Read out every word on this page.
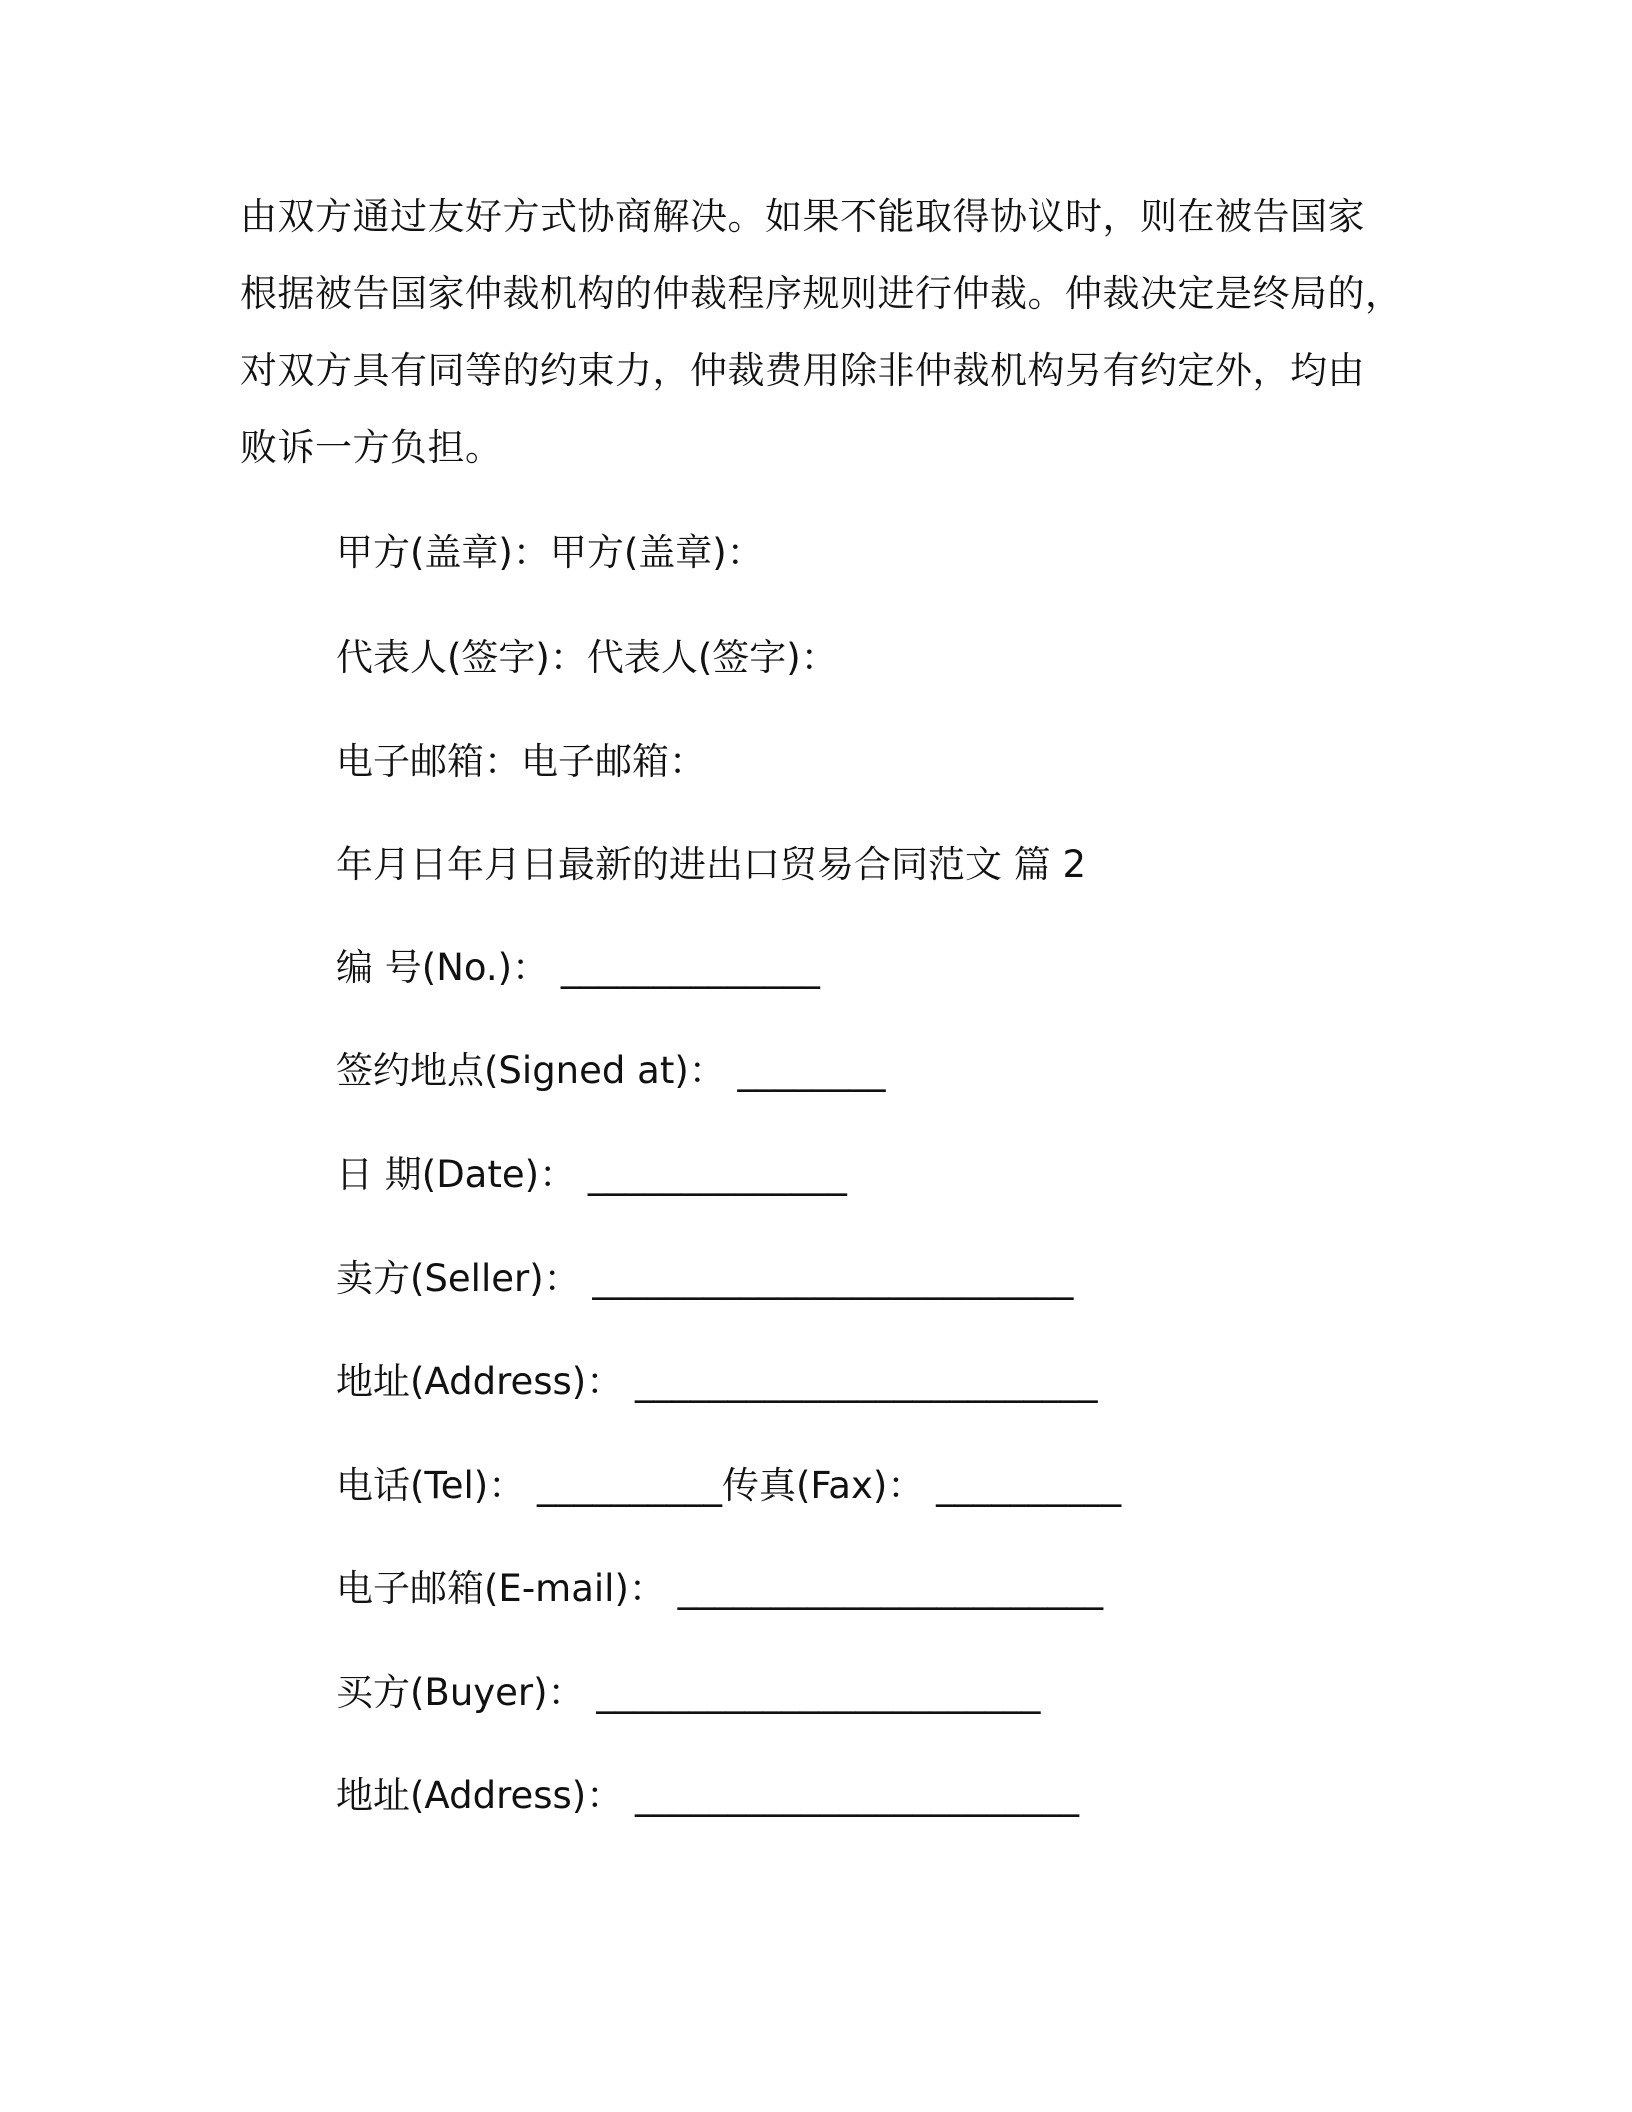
由双方通过友好方式协商解决。如果不能取得协议时，则在被告国家
根据被告国家仲裁机构的仲裁程序规则进行仲裁。仲裁决定是终局的，
对双方具有同等的约束力，仲裁费用除非仲裁机构另有约定外，均由
败诉一方负担。
甲方(盖章)：甲方(盖章)：
代表人(签字)：代表人(签字)：
电子邮箱：电子邮箱：
年月日年月日最新的进出口贸易合同范文 篇 2
编 号(No.)： ______________
签约地点(Signed at)： ________
日 期(Date)： ______________
卖方(Seller)： __________________________
地址(Address)： _________________________
电话(Tel)： __________传真(Fax)： __________
电子邮箱(E-mail)： _______________________
买方(Buyer)： ________________________
地址(Address)： ________________________
